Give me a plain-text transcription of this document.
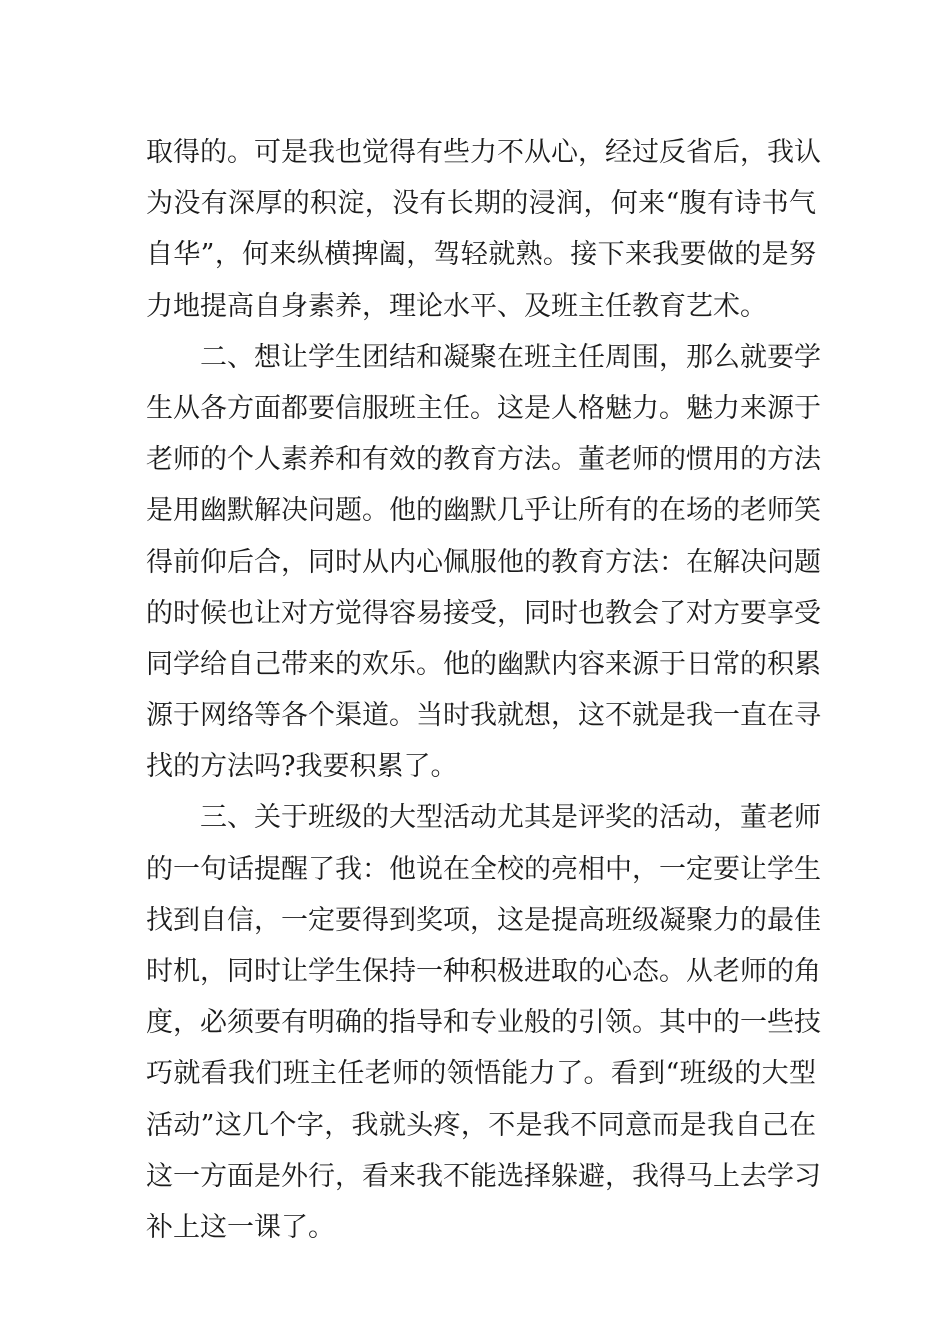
取得的。可是我也觉得有些力不从心，经过反省后，我认
为没有深厚的积淀，没有长期的浸润，何来“腹有诗书气
自华”，何来纵横捭阖，驾轻就熟。接下来我要做的是努
力地提高自身素养，理论水平、及班主任教育艺术。
二、想让学生团结和凝聚在班主任周围，那么就要学
生从各方面都要信服班主任。这是人格魅力。魅力来源于
老师的个人素养和有效的教育方法。董老师的惯用的方法
是用幽默解决问题。他的幽默几乎让所有的在场的老师笑
得前仰后合，同时从内心佩服他的教育方法：在解决问题
的时候也让对方觉得容易接受，同时也教会了对方要享受
同学给自己带来的欢乐。他的幽默内容来源于日常的积累
源于网络等各个渠道。当时我就想，这不就是我一直在寻
找的方法吗?我要积累了。
三、关于班级的大型活动尤其是评奖的活动，董老师
的一句话提醒了我：他说在全校的亮相中，一定要让学生
找到自信，一定要得到奖项，这是提高班级凝聚力的最佳
时机，同时让学生保持一种积极进取的心态。从老师的角
度，必须要有明确的指导和专业般的引领。其中的一些技
巧就看我们班主任老师的领悟能力了。看到“班级的大型
活动”这几个字，我就头疼，不是我不同意而是我自己在
这一方面是外行，看来我不能选择躲避，我得马上去学习
补上这一课了。
